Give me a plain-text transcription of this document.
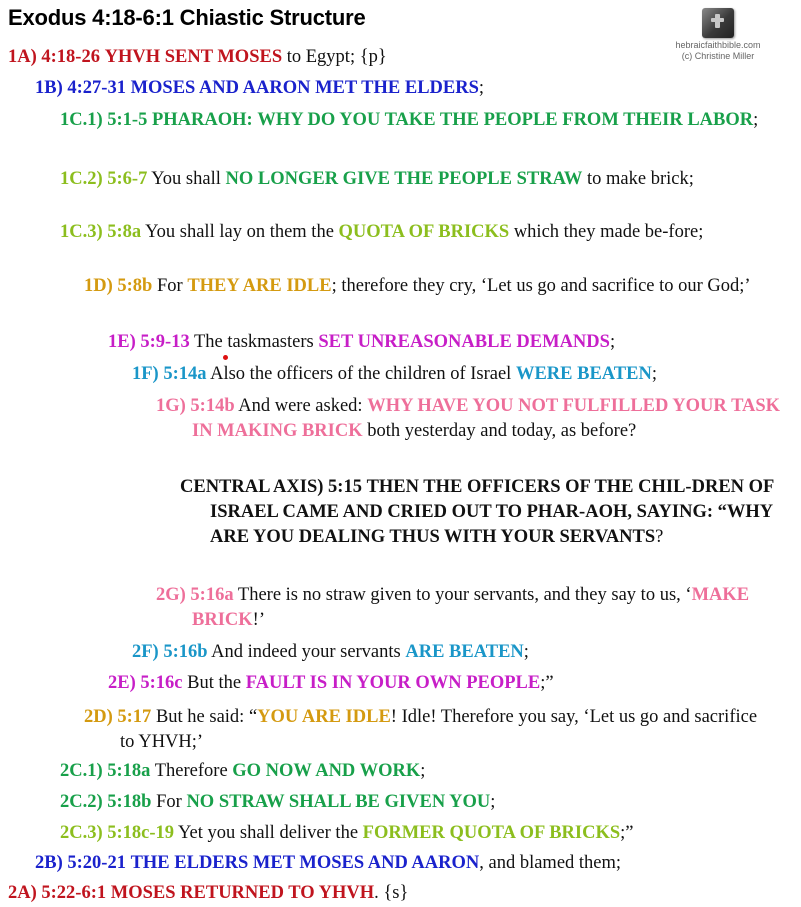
Exodus 4:18-6:1 Chiastic Structure
hebraicfaithbible.com
(c) Christine Miller
1A) 4:18-26 YHVH SENT MOSES to Egypt; {p}
1B) 4:27-31 MOSES AND AARON MET THE ELDERS;
1C.1) 5:1-5 PHARAOH: WHY DO YOU TAKE THE PEOPLE FROM THEIR LABOR;
1C.2) 5:6-7 You shall NO LONGER GIVE THE PEOPLE STRAW to make brick;
1C.3) 5:8a You shall lay on them the QUOTA OF BRICKS which they made be-fore;
1D) 5:8b For THEY ARE IDLE; therefore they cry, ‘Let us go and sacrifice to our God;’
1E) 5:9-13 The taskmasters SET UNREASONABLE DEMANDS;
1F) 5:14a Also the officers of the children of Israel WERE BEATEN;
1G) 5:14b And were asked: WHY HAVE YOU NOT FULFILLED YOUR TASK IN MAKING BRICK both yesterday and today, as before?
CENTRAL AXIS) 5:15 THEN THE OFFICERS OF THE CHIL-DREN OF ISRAEL CAME AND CRIED OUT TO PHAR-AOH, SAYING: “WHY ARE YOU DEALING THUS WITH YOUR SERVANTS?
2G) 5:16a There is no straw given to your servants, and they say to us, ‘MAKE BRICK!’
2F) 5:16b And indeed your servants ARE BEATEN;
2E) 5:16c But the FAULT IS IN YOUR OWN PEOPLE;”
2D) 5:17 But he said: “YOU ARE IDLE! Idle! Therefore you say, ‘Let us go and sacrifice to YHVH;’
2C.1) 5:18a Therefore GO NOW AND WORK;
2C.2) 5:18b For NO STRAW SHALL BE GIVEN YOU;
2C.3) 5:18c-19 Yet you shall deliver the FORMER QUOTA OF BRICKS;”
2B) 5:20-21 THE ELDERS MET MOSES AND AARON, and blamed them;
2A) 5:22-6:1 MOSES RETURNED TO YHVH. {s}
